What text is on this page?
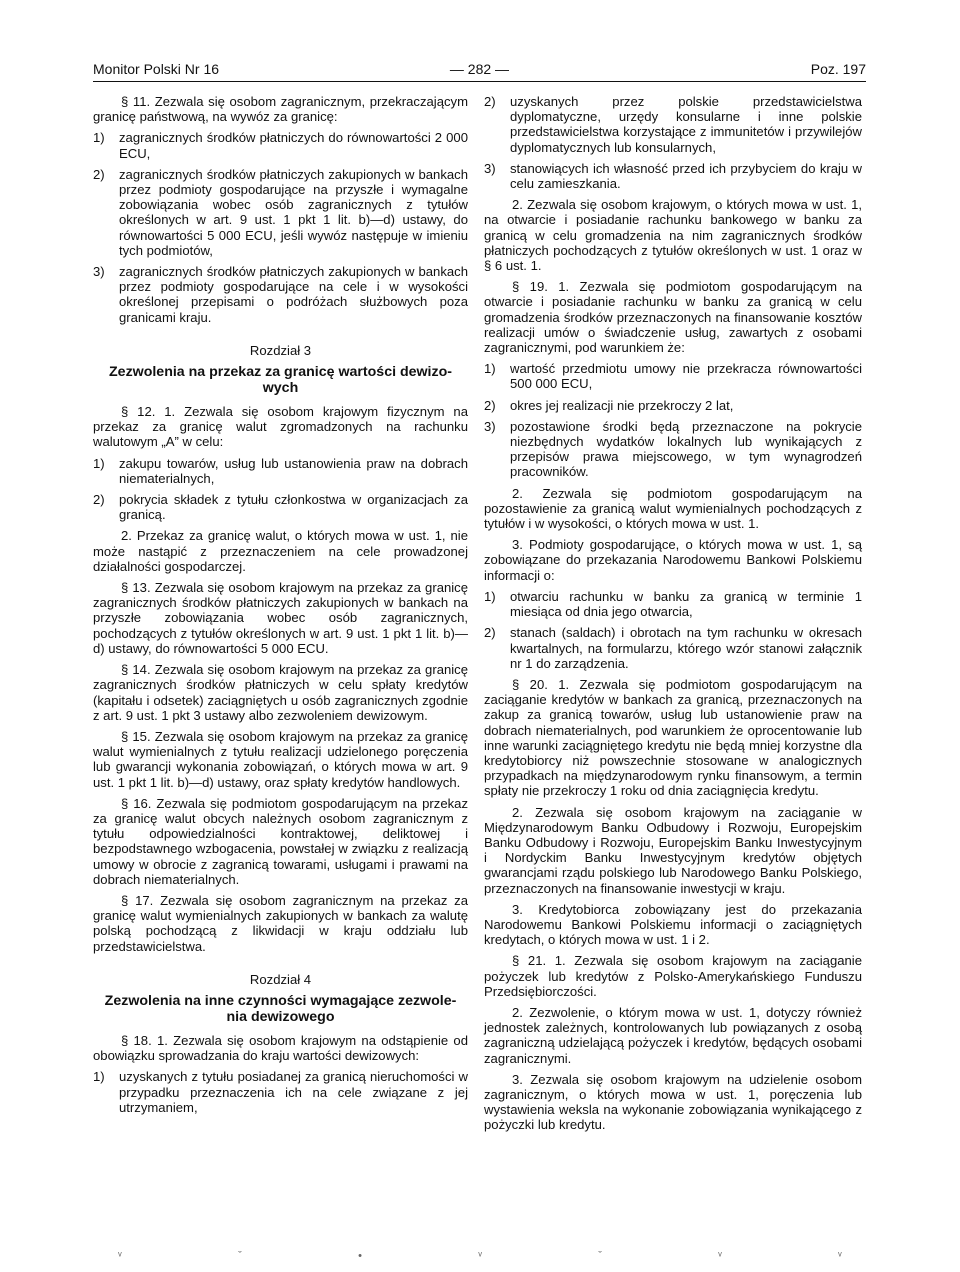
Monitor Polski Nr 16	— 282 —	Poz. 197

§ 11. Zezwala się osobom zagranicznym, przekraczającym granicę państwową, na wywóz za granicę:

1) zagranicznych środków płatniczych do równowartości 2 000 ECU,
2) zagranicznych środków płatniczych zakupionych w bankach przez podmioty gospodarujące na przyszłe i wymagalne zobowiązania wobec osób zagranicznych z tytułów określonych w art. 9 ust. 1 pkt 1 lit. b)—d) ustawy, do równowartości 5 000 ECU, jeśli wywóz następuje w imieniu tych podmiotów,
3) zagranicznych środków płatniczych zakupionych w bankach przez podmioty gospodarujące na cele i w wysokości określonej przepisami o podróżach służbowych poza granicami kraju.
Rozdział 3
Zezwolenia na przekaz za granicę wartości dewizo-
wych

§ 12. 1. Zezwala się osobom krajowym fizycznym na przekaz za granicę walut zgromadzonych na rachunku walutowym „A” w celu:

1) zakupu towarów, usług lub ustanowienia praw na dobrach niematerialnych,
2) pokrycia składek z tytułu członkostwa w organizacjach za granicą.

2. Przekaz za granicę walut, o których mowa w ust. 1, nie może nastąpić z przeznaczeniem na cele prowadzonej działalności gospodarczej.

§ 13. Zezwala się osobom krajowym na przekaz za granicę zagranicznych środków płatniczych zakupionych w bankach na przyszłe zobowiązania wobec osób zagranicznych, pochodzących z tytułów określonych w art. 9 ust. 1 pkt 1 lit. b)—d) ustawy, do równowartości 5 000 ECU.

§ 14. Zezwala się osobom krajowym na przekaz za granicę zagranicznych środków płatniczych w celu spłaty kredytów (kapitału i odsetek) zaciągniętych u osób zagranicznych zgodnie z art. 9 ust. 1 pkt 3 ustawy albo zezwoleniem dewizowym.

§ 15. Zezwala się osobom krajowym na przekaz za granicę walut wymienialnych z tytułu realizacji udzielonego poręczenia lub gwarancji wykonania zobowiązań, o których mowa w art. 9 ust. 1 pkt 1 lit. b)—d) ustawy, oraz spłaty kredytów handlowych.

§ 16. Zezwala się podmiotom gospodarującym na przekaz za granicę walut obcych należnych osobom zagranicznym z tytułu odpowiedzialności kontraktowej, deliktowej i bezpodstawnego wzbogacenia, powstałej w związku z realizacją umowy w obrocie z zagranicą towarami, usługami i prawami na dobrach niematerialnych.

§ 17. Zezwala się osobom zagranicznym na przekaz za granicę walut wymienialnych zakupionych w bankach za walutę polską pochodzącą z likwidacji w kraju oddziału lub przedstawicielstwa.

Rozdział 4
Zezwolenia na inne czynności wymagające zezwole-
nia dewizowego

§ 18. 1. Zezwala się osobom krajowym na odstąpienie od obowiązku sprowadzania do kraju wartości dewizowych:

1) uzyskanych z tytułu posiadanej za granicą nieruchomości w przypadku przeznaczenia ich na cele związane z jej utrzymaniem,
2) uzyskanych przez polskie przedstawicielstwa dyplomatyczne, urzędy konsularne i inne polskie przedstawicielstwa korzystające z immunitetów i przywilejów dyplomatycznych lub konsularnych,
3) stanowiących ich własność przed ich przybyciem do kraju w celu zamieszkania.

2. Zezwala się osobom krajowym, o których mowa w ust. 1, na otwarcie i posiadanie rachunku bankowego w banku za granicą w celu gromadzenia na nim zagranicznych środków płatniczych pochodzących z tytułów określonych w ust. 1 oraz w § 6 ust. 1.

§ 19. 1. Zezwala się podmiotom gospodarującym na otwarcie i posiadanie rachunku w banku za granicą w celu gromadzenia środków przeznaczonych na finansowanie kosztów realizacji umów o świadczenie usług, zawartych z osobami zagranicznymi, pod warunkiem że:

1) wartość przedmiotu umowy nie przekracza równowartości 500 000 ECU,
2) okres jej realizacji nie przekroczy 2 lat,
3) pozostawione środki będą przeznaczone na pokrycie niezbędnych wydatków lokalnych lub wynikających z przepisów prawa miejscowego, w tym wynagrodzeń pracowników.

2. Zezwala się podmiotom gospodarującym na pozostawienie za granicą walut wymienialnych pochodzących z tytułów i w wysokości, o których mowa w ust. 1.

3. Podmioty gospodarujące, o których mowa w ust. 1, są zobowiązane do przekazania Narodowemu Bankowi Polskiemu informacji o:

1) otwarciu rachunku w banku za granicą w terminie 1 miesiąca od dnia jego otwarcia,
2) stanach (saldach) i obrotach na tym rachunku w okresach kwartalnych, na formularzu, którego wzór stanowi załącznik nr 1 do zarządzenia.

§ 20. 1. Zezwala się podmiotom gospodarującym na zaciąganie kredytów w bankach za granicą, przeznaczonych na zakup za granicą towarów, usług lub ustanowienie praw na dobrach niematerialnych, pod warunkiem że oprocentowanie lub inne warunki zaciągniętego kredytu nie będą mniej korzystne dla kredytobiorcy niż powszechnie stosowane w analogicznych przypadkach na międzynarodowym rynku finansowym, a termin spłaty nie przekroczy 1 roku od dnia zaciągnięcia kredytu.

2. Zezwala się osobom krajowym na zaciąganie w Międzynarodowym Banku Odbudowy i Rozwoju, Europejskim Banku Odbudowy i Rozwoju, Europejskim Banku Inwestycyjnym i Nordyckim Banku Inwestycyjnym kredytów objętych gwarancjami rządu polskiego lub Narodowego Banku Polskiego, przeznaczonych na finansowanie inwestycji w kraju.

3. Kredytobiorca zobowiązany jest do przekazania Narodowemu Bankowi Polskiemu informacji o zaciągniętych kredytach, o których mowa w ust. 1 i 2.

§ 21. 1. Zezwala się osobom krajowym na zaciąganie pożyczek lub kredytów z Polsko-Amerykańskiego Funduszu Przedsiębiorczości.

2. Zezwolenie, o którym mowa w ust. 1, dotyczy również jednostek zależnych, kontrolowanych lub powiązanych z osobą zagraniczną udzielającą pożyczek i kredytów, będących osobami zagranicznymi.

3. Zezwala się osobom krajowym na udzielenie osobom zagranicznym, o których mowa w ust. 1, poręczenia lub wystawienia weksla na wykonanie zobowiązania wynikającego z pożyczki lub kredytu.

ᵛ	ˇ	•	ᵛ	ˇ	ᵛ	ᵛ
